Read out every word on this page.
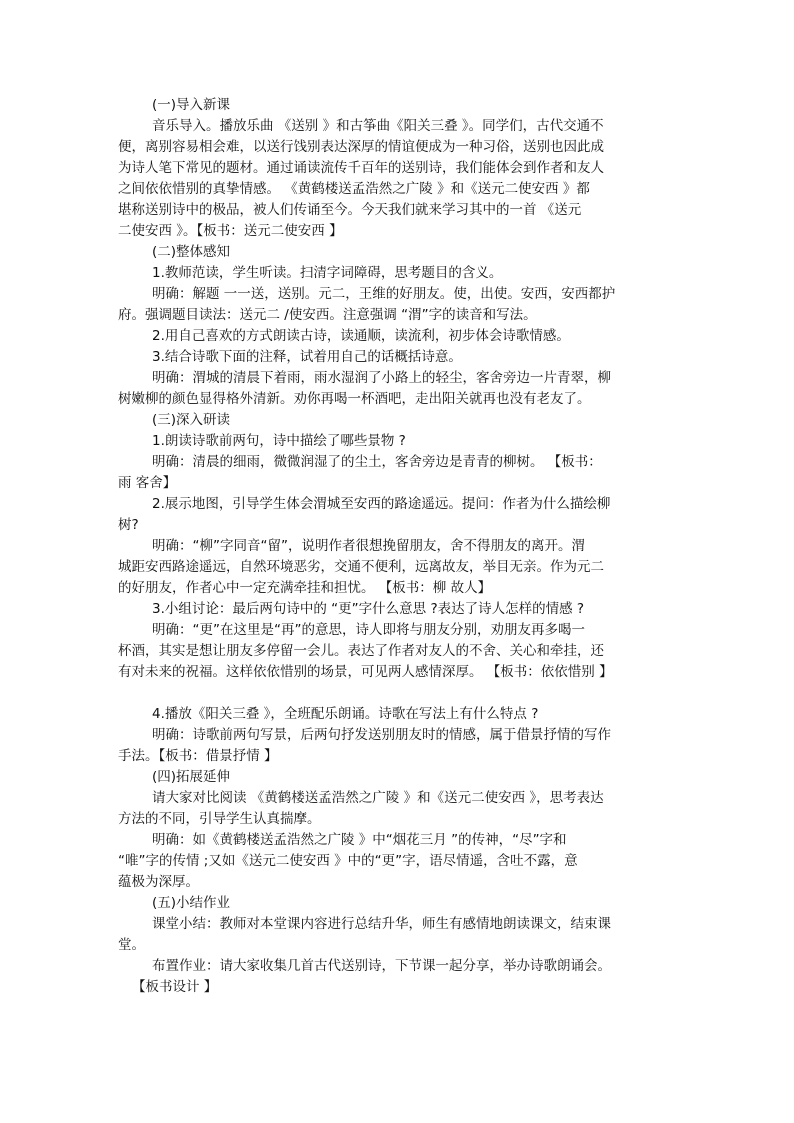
(一)导入新课
音乐导入。播放乐曲 《送别 》和古筝曲《阳关三叠 》。同学们，古代交通不
便，离别容易相会难，以送行饯别表达深厚的情谊便成为一种习俗，送别也因此成
为诗人笔下常见的题材。通过诵读流传千百年的送别诗，我们能体会到作者和友人
之间依依惜别的真挚情感。 《黄鹤楼送孟浩然之广陵 》和《送元二使安西 》都
堪称送别诗中的极品，被人们传诵至今。今天我们就来学习其中的一首 《送元
二使安西 》。【板书：送元二使安西 】
(二)整体感知
1.教师范读，学生听读。扫清字词障碍，思考题目的含义。
明确：解题 一一送，送别。元二，王维的好朋友。使，出使。安西，安西都护
府。强调题目读法：送元二 /使安西。注意强调 “渭”字的读音和写法。
2.用自己喜欢的方式朗读古诗，读通顺，读流利，初步体会诗歌情感。
3.结合诗歌下面的注释，试着用自己的话概括诗意。
明确：渭城的清晨下着雨，雨水湿润了小路上的轻尘，客舍旁边一片青翠，柳
树嫩柳的颜色显得格外清新。劝你再喝一杯酒吧，走出阳关就再也没有老友了。
(三)深入研读
1.朗读诗歌前两句，诗中描绘了哪些景物 ?
明确：清晨的细雨，微微润湿了的尘土，客舍旁边是青青的柳树。 【板书：
雨 客舍】
2.展示地图，引导学生体会渭城至安西的路途遥远。提问：作者为什么描绘柳
树?
明确：“柳”字同音“留”，说明作者很想挽留朋友，舍不得朋友的离开。渭
城距安西路途遥远，自然环境恶劣，交通不便利，远离故友，举目无亲。作为元二
的好朋友，作者心中一定充满牵挂和担忧。 【板书：柳 故人】
3.小组讨论：最后两句诗中的 “更”字什么意思 ?表达了诗人怎样的情感 ?
明确：“更”在这里是“再”的意思，诗人即将与朋友分别，劝朋友再多喝一
杯酒，其实是想让朋友多停留一会儿。表达了作者对友人的不舍、关心和牵挂，还
有对未来的祝福。这样依依惜别的场景，可见两人感情深厚。 【板书：依依惜别 】
4.播放《阳关三叠 》，全班配乐朗诵。诗歌在写法上有什么特点 ?
明确：诗歌前两句写景，后两句抒发送别朋友时的情感，属于借景抒情的写作
手法。【板书：借景抒情 】
(四)拓展延伸
请大家对比阅读 《黄鹤楼送孟浩然之广陵 》和《送元二使安西 》，思考表达
方法的不同，引导学生认真揣摩。
明确：如《黄鹤楼送孟浩然之广陵 》中“烟花三月 ”的传神，“尽”字和
“唯”字的传情 ;又如《送元二使安西 》中的“更”字，语尽情遥，含吐不露，意
蕴极为深厚。
(五)小结作业
课堂小结：教师对本堂课内容进行总结升华，师生有感情地朗读课文，结束课
堂。
布置作业：请大家收集几首古代送别诗，下节课一起分享，举办诗歌朗诵会。
【板书设计 】
